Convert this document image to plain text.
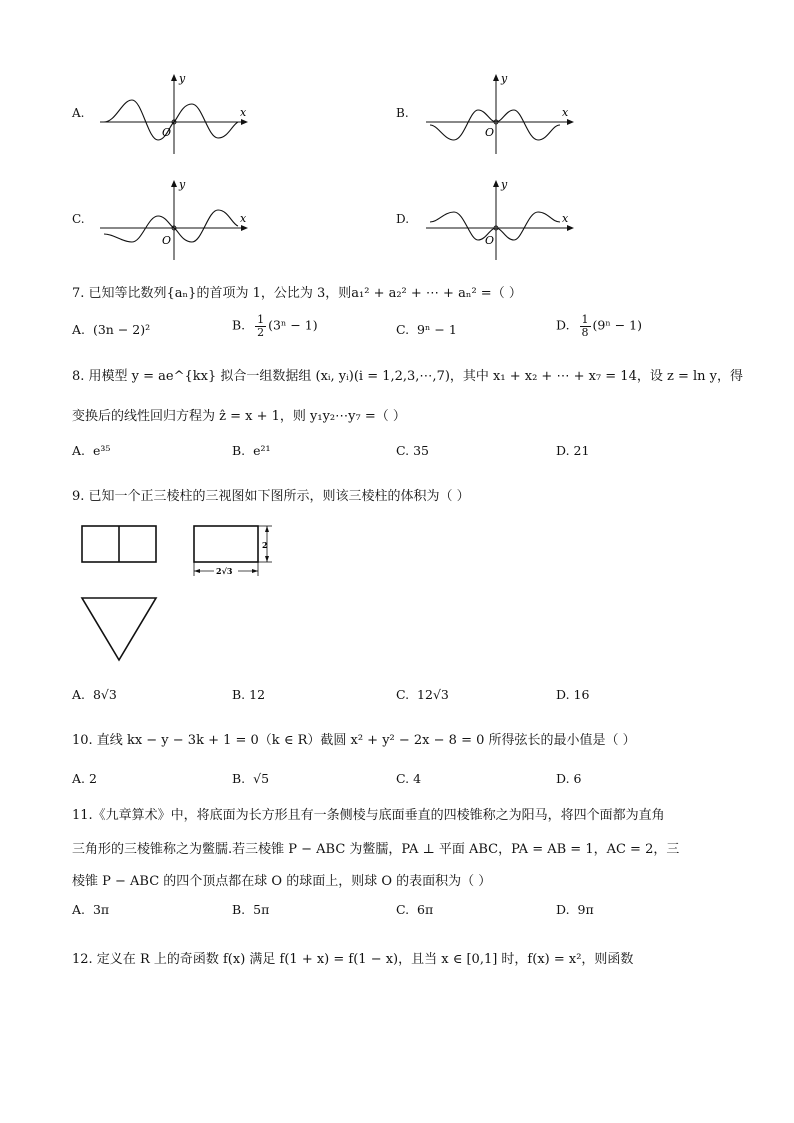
A.	x
y
O
B.	x
y
O
C.	x
y
O
D.	x
y
O
7. 已知等比数列{aₙ}的首项为 1，公比为 3，则a₁² + a₂² + ⋯ + aₙ² =（ ）
A. (3n − 2)²	B. $\frac{1}{2} (3^n - 1)$	C. 9ⁿ − 1	D. $\frac{1}{8} (9^n - 1)$
8. 用模型 y = ae^{kx} 拟合一组数据组 (xᵢ, yᵢ)(i = 1,2,3,⋯,7)，其中 x₁ + x₂ + ⋯ + x₇ = 14，设 z = ln y，得
变换后的线性回归方程为 ẑ = x + 1，则 y₁y₂⋯y₇ =（ ）
A. e³⁵	B. e²¹	C. 35	D. 21
9. 已知一个正三棱柱的三视图如下图所示，则该三棱柱的体积为（ ）
2
2√3
A. 8√3	B. 12	C. 12√3	D. 16
10. 直线 kx − y − 3k + 1 = 0（k ∈ R）截圆 x² + y² − 2x − 8 = 0 所得弦长的最小值是（ ）
A. 2	B. √5	C. 4	D. 6
11.《九章算术》中，将底面为长方形且有一条侧棱与底面垂直的四棱锥称之为阳马，将四个面都为直角
三角形的三棱锥称之为鳖臑.若三棱锥 P − ABC 为鳖臑，PA ⊥ 平面 ABC，PA = AB = 1，AC = 2，三
棱锥 P − ABC 的四个顶点都在球 O 的球面上，则球 O 的表面积为（ ）
A. 3π	B. 5π	C. 6π	D. 9π
12. 定义在 R 上的奇函数 f(x) 满足 f(1 + x) = f(1 − x)，且当 x ∈ [0,1] 时，f(x) = x²，则函数
